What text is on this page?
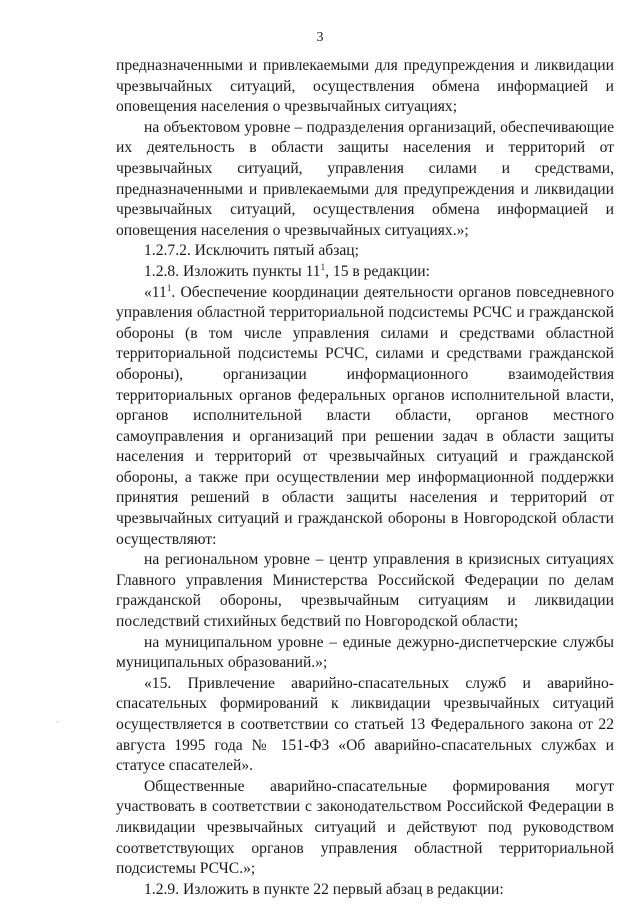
3

предназначенными и привлекаемыми для предупреждения и ликвидации чрезвычайных ситуаций, осуществления обмена информацией и оповещения населения о чрезвычайных ситуациях;

на объектовом уровне – подразделения организаций, обеспечивающие их деятельность в области защиты населения и территорий от чрезвычайных ситуаций, управления силами и средствами, предназначенными и привлекаемыми для предупреждения и ликвидации чрезвычайных ситуаций, осуществления обмена информацией и оповещения населения о чрезвычайных ситуациях.»;

1.2.7.2. Исключить пятый абзац;

1.2.8. Изложить пункты $11^1$, 15 в редакции:

«$11^1$. Обеспечение координации деятельности органов повседневного управления областной территориальной подсистемы РСЧС и гражданской обороны (в том числе управления силами и средствами областной территориальной подсистемы РСЧС, силами и средствами гражданской обороны), организации информационного взаимодействия территориальных органов федеральных органов исполнительной власти, органов исполнительной власти области, органов местного самоуправления и организаций при решении задач в области защиты населения и территорий от чрезвычайных ситуаций и гражданской обороны, а также при осуществлении мер информационной поддержки принятия решений в области защиты населения и территорий от чрезвычайных ситуаций и гражданской обороны в Новгородской области осуществляют:

на региональном уровне – центр управления в кризисных ситуациях Главного управления Министерства Российской Федерации по делам гражданской обороны, чрезвычайным ситуациям и ликвидации последствий стихийных бедствий по Новгородской области;

на муниципальном уровне – единые дежурно-диспетчерские службы муниципальных образований.»;

«15. Привлечение аварийно-спасательных служб и аварийно-спасательных формирований к ликвидации чрезвычайных ситуаций осуществляется в соответствии со статьей 13 Федерального закона от 22 августа 1995 года № 151-ФЗ «Об аварийно-спасательных службах и статусе спасателей».

Общественные аварийно-спасательные формирования могут участвовать в соответствии с законодательством Российской Федерации в ликвидации чрезвычайных ситуаций и действуют под руководством соответствующих органов управления областной территориальной подсистемы РСЧС.»;

1.2.9. Изложить в пункте 22 первый абзац в редакции:

-
